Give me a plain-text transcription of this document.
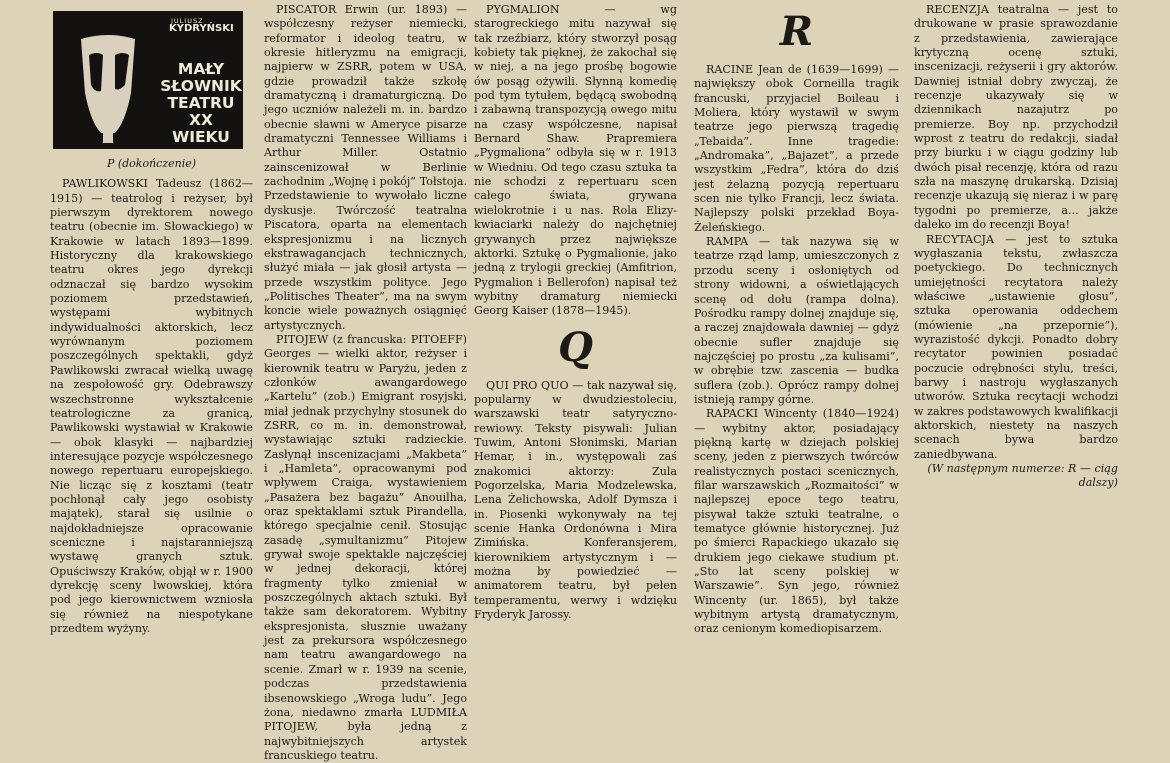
JULIUSZ
KYDRYŃSKI
MAŁY
SŁOWNIK
TEATRU
XX
WIEKU
P (dokończenie)

PAWLIKOWSKI Tadeusz (1862—1915) — teatrolog i reżyser, był pierwszym dyrektorem nowego teatru (obecnie im. Słowackiego) w Krakowie w latach 1893—1899. Historyczny dla krakowskiego teatru okres jego dyrekcji odznaczał się bardzo wysokim poziomem przedstawień, występami wybitnych indywidualności aktorskich, lecz wyrównanym poziomem poszczególnych spektakli, gdyż Pawlikowski zwracał wielką uwagę na zespołowość gry. Odebrawszy wszechstronne wykształcenie teatrologiczne za granicą, Pawlikowski wystawiał w Krakowie — obok klasyki — najbardziej interesujące pozycje współczesnego nowego repertuaru europejskiego. Nie licząc się z kosztami (teatr pochłonął cały jego osobisty majątek), starał się usilnie o najdokładniejsze opracowanie sceniczne i najstaranniejszą wystawę granych sztuk. Opuściwszy Kraków, objął w r. 1900 dyrekcję sceny lwowskiej, która pod jego kierownictwem wzniosła się również na niespotykane przedtem wyżyny.

PISCATOR Erwin (ur. 1893) — współczesny reżyser niemiecki, reformator i ideolog teatru, w okresie hitleryzmu na emigracji, najpierw w ZSRR, potem w USA, gdzie prowadził także szkołę dramatyczną i dramaturgiczną. Do jego uczniów należeli m. in. bardzo obecnie sławni w Ameryce pisarze dramatyczni Tennessee Williams i Arthur Miller. Ostatnio zainscenizował w Berlinie zachodnim „Wojnę i pokój” Tołstoja. Przedstawienie to wywołało liczne dyskusje. Twórczość teatralna Piscatora, oparta na elementach ekspresjonizmu i na licznych ekstrawagancjach technicznych, służyć miała — jak głosił artysta — przede wszystkim polityce. Jego „Politisches Theater”, ma na swym koncie wiele poważnych osiągnięć artystycznych.

PITOJEW (z francuska: PITOEFF) Georges — wielki aktor, reżyser i kierownik teatru w Paryżu, jeden z członków awangardowego „Kartelu” (zob.) Emigrant rosyjski, miał jednak przychylny stosunek do ZSRR, co m. in. demonstrował, wystawiając sztuki radzieckie. Zasłynął inscenizacjami „Makbeta” i „Hamleta”, opracowanymi pod wpływem Craiga, wystawieniem „Pasażera bez bagażu” Anouilha, oraz spektaklami sztuk Pirandella, którego specjalnie cenił. Stosując zasadę „symultanizmu” Pitojew grywał swoje spektakle najczęściej w jednej dekoracji, której fragmenty tylko zmieniał w poszczególnych aktach sztuki. Był także sam dekoratorem. Wybitny ekspresjonista, słusznie uważany jest za prekursora współczesnego nam teatru awangardowego na scenie. Zmarł w r. 1939 na scenie, podczas przedstawienia ibsenowskiego „Wroga ludu”. Jego żona, niedawno zmarła LUDMIŁA PITOJEW, była jedną z najwybitniejszych artystek francuskiego teatru.

PYGMALION — wg starogreckiego mitu nazywał się tak rzeźbiarz, który stworzył posąg kobiety tak pięknej, że zakochał się w niej, a na jego prośbę bogowie ów posąg ożywili. Słynną komedię pod tym tytułem, będącą swobodną i zabawną transpozycją owego mitu na czasy współczesne, napisał Bernard Shaw. Prapremiera „Pygmaliona” odbyła się w r. 1913 w Wiedniu. Od tego czasu sztuka ta nie schodzi z repertuaru scen całego świata, grywana wielokrotnie i u nas. Rola Elizy-kwiaciarki należy do najchętniej grywanych przez największe aktorki. Sztukę o Pygmalionie, jako jedną z trylogii greckiej (Amfitrion, Pygmalion i Bellerofon) napisał też wybitny dramaturg niemiecki Georg Kaiser (1878—1945).

Q

QUI PRO QUO — tak nazywał się, popularny w dwudziestoleciu, warszawski teatr satyryczno-rewiowy. Teksty pisywali: Julian Tuwim, Antoni Słonimski, Marian Hemar, i in., występowali zaś znakomici aktorzy: Zula Pogorzelska, Maria Modzelewska, Lena Żelichowska, Adolf Dymsza i in. Piosenki wykonywały na tej scenie Hanka Ordonówna i Mira Zimińska. Konferansjerem, kierownikiem artystycznym i — można by powiedzieć — animatorem teatru, był pełen temperamentu, werwy i wdzięku Fryderyk Jarossy.

R

RACINE Jean de (1639—1699) — największy obok Corneilla tragik francuski, przyjaciel Boileau i Moliera, który wystawił w swym teatrze jego pierwszą tragedię „Tebaida”. Inne tragedie: „Andromaka”, „Bajazet”, a przede wszystkim „Fedra”, która do dziś jest żelazną pozycją repertuaru scen nie tylko Francji, lecz świata. Najlepszy polski przekład Boya-Żeleńskiego.

RAMPA — tak nazywa się w teatrze rząd lamp, umieszczonych z przodu sceny i osłoniętych od strony widowni, a oświetlających scenę od dołu (rampa dolna). Pośrodku rampy dolnej znajduje się, a raczej znajdowała dawniej — gdyż obecnie sufler znajduje się najczęściej po prostu „za kulisami”, w obrębie tzw. zascenia — budka suflera (zob.). Oprócz rampy dolnej istnieją rampy górne.

RAPACKI Wincenty (1840—1924) — wybitny aktor, posiadający piękną kartę w dziejach polskiej sceny, jeden z pierwszych twórców realistycznych postaci scenicznych, filar warszawskich „Rozmaitości” w najlepszej epoce tego teatru, pisywał także sztuki teatralne, o tematyce głównie historycznej. Już po śmierci Rapackiego ukazało się drukiem jego ciekawe studium pt. „Sto lat sceny polskiej w Warszawie”. Syn jego, również Wincenty (ur. 1865), był także wybitnym artystą dramatycznym, oraz cenionym komediopisarzem.

RECENZJA teatralna — jest to drukowane w prasie sprawozdanie z przedstawienia, zawierające krytyczną ocenę sztuki, inscenizacji, reżyserii i gry aktorów. Dawniej istniał dobry zwyczaj, że recenzje ukazywały się w dziennikach nazajutrz po premierze. Boy np. przychodził wprost z teatru do redakcji, siadał przy biurku i w ciągu godziny lub dwóch pisał recenzję, która od razu szła na maszynę drukarską. Dzisiaj recenzje ukazują się nieraz i w parę tygodni po premierze, a... jakże daleko im do recenzji Boya!

RECYTACJA — jest to sztuka wygłaszania tekstu, zwłaszcza poetyckiego. Do technicznych umiejętności recytatora należy właściwe „ustawienie głosu”, sztuka operowania oddechem (mówienie „na przepornie”), wyrazistość dykcji. Ponadto dobry recytator powinien posiadać poczucie odrębności stylu, treści, barwy i nastroju wygłaszanych utworów. Sztuka recytacji wchodzi w zakres podstawowych kwalifikacji aktorskich, niestety na naszych scenach bywa bardzo zaniedbywana.

(W następnym numerze: R — ciąg dalszy)
